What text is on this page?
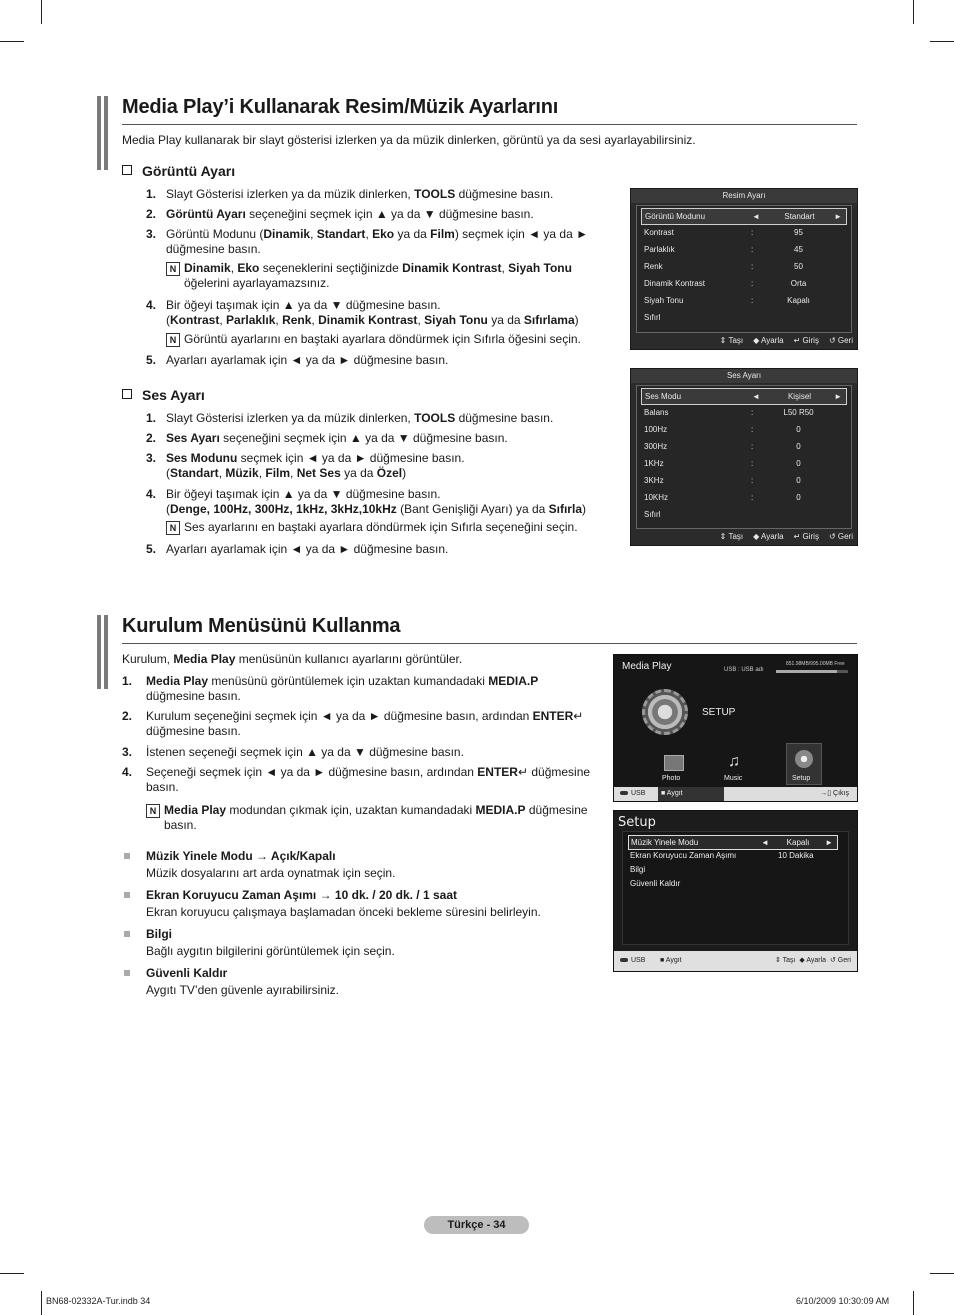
Media Play’i Kullanarak Resim/Müzik Ayarlarını

Media Play kullanarak bir slayt gösterisi izlerken ya da müzik dinlerken, görüntü ya da sesi ayarlayabilirsiniz.

Görüntü Ayarı
1. Slayt Gösterisi izlerken ya da müzik dinlerken, TOOLS düğmesine basın.
2. Görüntü Ayarı seçeneğini seçmek için ▲ ya da ▼ düğmesine basın.
3. Görüntü Modunu (Dinamik, Standart, Eko ya da Film) seçmek için ◄ ya da ► düğmesine basın.
4. Bir öğeyi taşımak için ▲ ya da ▼ düğmesine basın.
(Kontrast, Parlaklık, Renk, Dinamik Kontrast, Siyah Tonu ya da Sıfırlama)
5. Ayarları ayarlamak için ◄ ya da ► düğmesine basın.
N Dinamik, Eko seçeneklerini seçtiğinizde Dinamik Kontrast, Siyah Tonu öğelerini ayarlayamazsınız.
N Görüntü ayarlarını en baştaki ayarlara döndürmek için Sıfırla öğesini seçin.
Ses Ayarı
1. Slayt Gösterisi izlerken ya da müzik dinlerken, TOOLS düğmesine basın.
2. Ses Ayarı seçeneğini seçmek için ▲ ya da ▼ düğmesine basın.
3. Ses Modunu seçmek için ◄ ya da ► düğmesine basın.
(Standart, Müzik, Film, Net Ses ya da Özel)
4. Bir öğeyi taşımak için ▲ ya da ▼ düğmesine basın.
(Denge, 100Hz, 300Hz, 1kHz, 3kHz,10kHz (Bant Genişliği Ayarı) ya da Sıfırla)
5. Ayarları ayarlamak için ◄ ya da ► düğmesine basın.
N Ses ayarlarını en baştaki ayarlara döndürmek için Sıfırla seçeneğini seçin.
Resim Ayarı
Görüntü Modunu	◄	Standart	►
Kontrast	:	95
Parlaklık	:	45
Renk	:	50
Dinamik Kontrast	:	Orta
Siyah Tonu	:	Kapalı
Sıfırl
⇕ Taşı ◆ Ayarla ↵ Giriş ↺ Geri
Ses Ayarı
Ses Modu	◄	Kişisel	►
Balans	:	L50 R50
100Hz	:	0
300Hz	:	0
1KHz	:	0
3KHz	:	0
10KHz	:	0
Sıfırl
⇕ Taşı ◆ Ayarla ↵ Giriş ↺ Geri
Kurulum Menüsünü Kullanma

Kurulum, Media Play menüsünün kullanıcı ayarlarını görüntüler.

1. Media Play menüsünü görüntülemek için uzaktan kumandadaki MEDIA.P düğmesine basın.
2. Kurulum seçeneğini seçmek için ◄ ya da ► düğmesine basın, ardından ENTER↵ düğmesine basın.
3. İstenen seçeneği seçmek için ▲ ya da ▼ düğmesine basın.
4. Seçeneği seçmek için ◄ ya da ► düğmesine basın, ardından ENTER↵ düğmesine basın.
N Media Play modundan çıkmak için, uzaktan kumandadaki MEDIA.P düğmesine basın.
Müzik Yinele Modu → Açık/Kapalı
Müzik dosyalarını art arda oynatmak için seçin.
Ekran Koruyucu Zaman Aşımı → 10 dk. / 20 dk. / 1 saat
Ekran koruyucu çalışmaya başlamadan önceki bekleme süresini belirleyin.
Bilgi
Bağlı aygıtın bilgilerini görüntülemek için seçin.
Güvenli Kaldır
Aygıtı TV’den güvenle ayırabilirsiniz.
Media Play	USB : USB adı
851.98MB/995.00MB Free
SETUP
Photo
♫
Music	Setup
USB	■ Aygıt	→▯ Çıkış
Setup
Müzik Yinele Modu	◄	Kapalı	►
Ekran Koruyucu Zaman Aşımı	10 Dakika
Bilgi
Güvenli Kaldır
USB ■ Aygıt	⇕ Taşı ◆ Ayarla ↺ Geri
Türkçe - 34
BN68-02332A-Tur.indb 34	6/10/2009 10:30:09 AM
